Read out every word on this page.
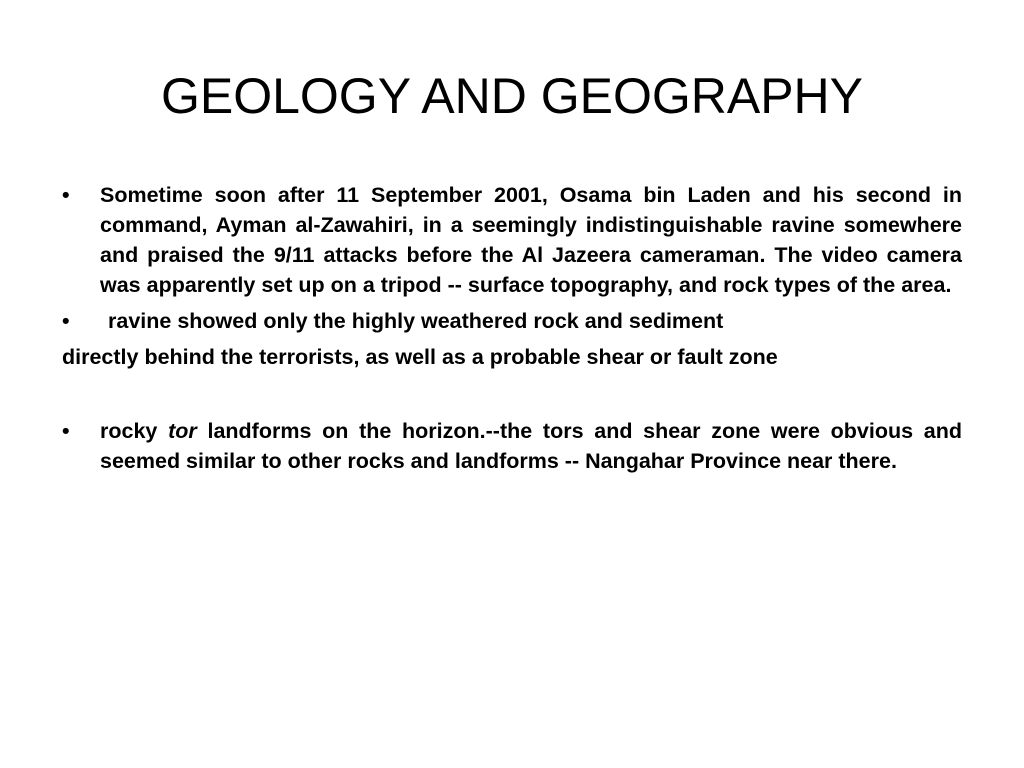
GEOLOGY AND GEOGRAPHY

•	Sometime soon after 11 September 2001, Osama bin Laden and his second in command, Ayman al-Zawahiri, in a seemingly indistinguishable ravine somewhere and praised the 9/11 attacks before the Al Jazeera cameraman. The video camera was apparently set up on a tripod -- surface topography, and rock types of the area.

•	ravine showed only the highly weathered rock and sediment

directly behind the terrorists, as well as a probable shear or fault zone

•	rocky tor landforms on the horizon.--the tors and shear zone were obvious and seemed similar to other rocks and landforms -- Nangahar Province near there.
